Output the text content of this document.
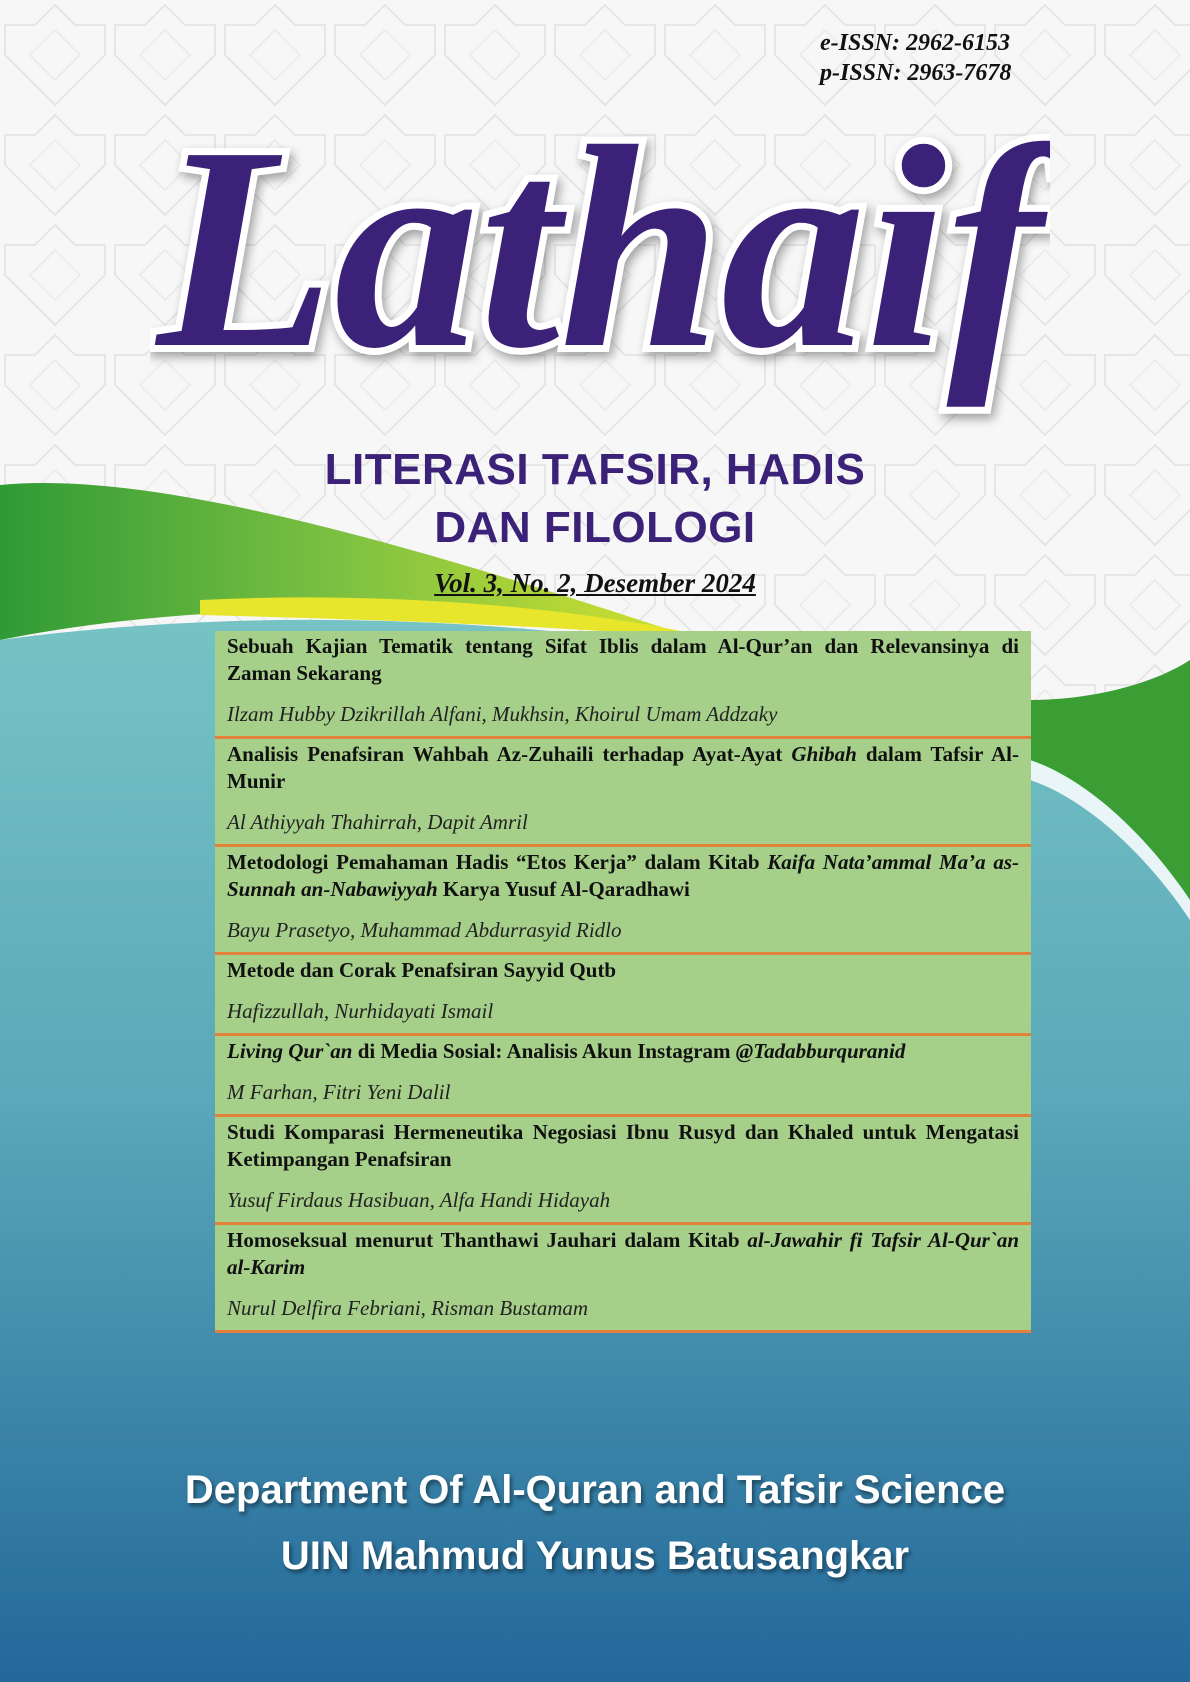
e-ISSN: 2962-6153
p-ISSN: 2963-7678
Lathaif
LITERASI TAFSIR, HADIS
DAN FILOLOGI
Vol. 3, No. 2, Desember 2024

Sebuah Kajian Tematik tentang Sifat Iblis dalam Al-Qur’an dan Relevansinya di Zaman Sekarang

Ilzam Hubby Dzikrillah Alfani, Mukhsin, Khoirul Umam Addzaky

Analisis Penafsiran Wahbah Az-Zuhaili terhadap Ayat-Ayat Ghibah dalam Tafsir Al-Munir

Al Athiyyah Thahirrah, Dapit Amril

Metodologi Pemahaman Hadis “Etos Kerja” dalam Kitab Kaifa Nata’ammal Ma’a as-Sunnah an-Nabawiyyah Karya Yusuf Al-Qaradhawi

Bayu Prasetyo, Muhammad Abdurrasyid Ridlo

Metode dan Corak Penafsiran Sayyid Qutb

Hafizzullah, Nurhidayati Ismail

Living Qur`an di Media Sosial: Analisis Akun Instagram @Tadabburquranid

M Farhan, Fitri Yeni Dalil

Studi Komparasi Hermeneutika Negosiasi Ibnu Rusyd dan Khaled untuk Mengatasi Ketimpangan Penafsiran

Yusuf Firdaus Hasibuan, Alfa Handi Hidayah

Homoseksual menurut Thanthawi Jauhari dalam Kitab al-Jawahir fi Tafsir Al-Qur`an al-Karim

Nurul Delfira Febriani, Risman Bustamam
Department Of Al-Quran and Tafsir Science
UIN Mahmud Yunus Batusangkar
